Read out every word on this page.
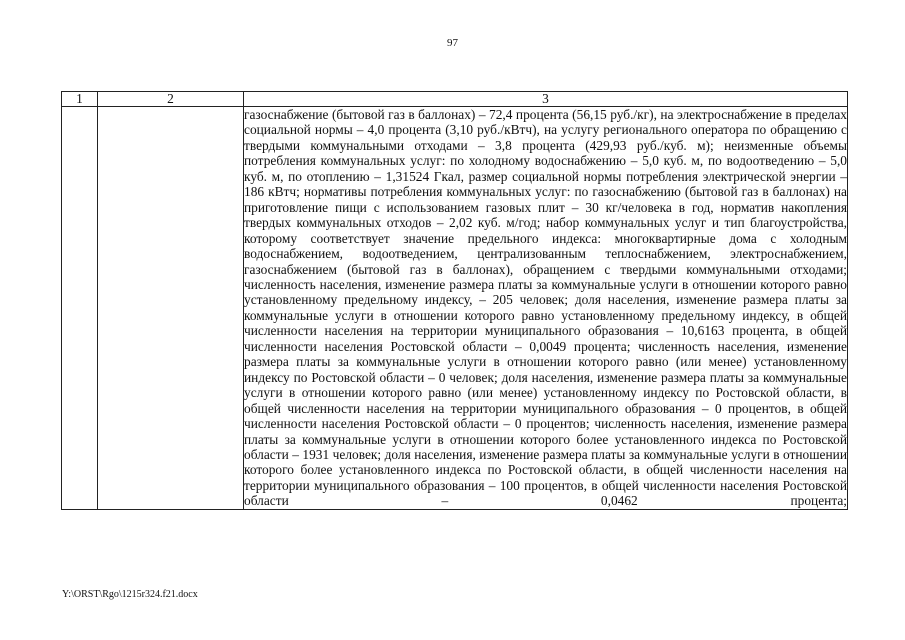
97
1	2	3

		газоснабжение (бытовой газ в баллонах) – 72,4 процента (56,15 руб./кг), на электроснабжение в пределах социальной нормы – 4,0 процента (3,10 руб./кВтч), на услугу регионального оператора по обращению с твердыми коммунальными отходами – 3,8 процента (429,93 руб./куб. м); неизменные объемы потребления коммунальных услуг: по холодному водоснабжению – 5,0 куб. м, по водоотведению – 5,0 куб. м, по отоплению – 1,31524 Гкал, размер социальной нормы потребления электрической энергии – 186 кВтч; нормативы потребления коммунальных услуг: по газоснабжению (бытовой газ в баллонах) на приготовление пищи с использованием газовых плит – 30 кг/человека в год, норматив накопления твердых коммунальных отходов – 2,02 куб. м/год; набор коммунальных услуг и тип благоустройства, которому соответствует значение предельного индекса: многоквартирные дома с холодным водоснабжением, водоотведением, централизованным теплоснабжением, электроснабжением, газоснабжением (бытовой газ в баллонах), обращением с твердыми коммунальными отходами; численность населения, изменение размера платы за коммунальные услуги в отношении которого равно установленному предельному индексу, – 205 человек; доля населения, изменение размера платы за коммунальные услуги в отношении которого равно установленному предельному индексу, в общей численности населения на территории муниципального образования – 10,6163 процента, в общей численности населения Ростовской области – 0,0049 процента; численность населения, изменение размера платы за коммунальные услуги в отношении которого равно (или менее) установленному индексу по Ростовской области – 0 человек; доля населения, изменение размера платы за коммунальные услуги в отношении которого равно (или менее) установленному индексу по Ростовской области, в общей численности населения на территории муниципального образования – 0 процентов, в общей численности населения Ростовской области – 0 процентов; численность населения, изменение размера платы за коммунальные услуги в отношении которого более установленного индекса по Ростовской области – 1931 человек; доля населения, изменение размера платы за коммунальные услуги в отношении которого более установленного индекса по Ростовской области, в общей численности населения на территории муниципального образования – 100 процентов, в общей численности населения Ростовской области – 0,0462 процента;

Y:\ORST\Rgo\1215r324.f21.docx
